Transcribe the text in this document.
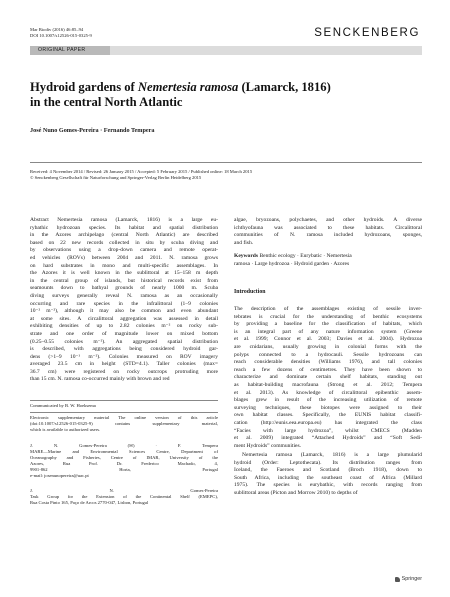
Mar Biodiv (2016) 46:85–94
DOI 10.1007/s12526-015-0325-9	SENCKENBERG
ORIGINAL PAPER
Hydroid gardens of Nemertesia ramosa (Lamarck, 1816)
in the central North Atlantic
José Nuno Gomes-Pereira · Fernando Tempera
Received: 4 November 2014 / Revised: 26 January 2015 / Accepted: 5 February 2015 / Published online: 18 March 2015
© Senckenberg Gesellschaft für Naturforschung and Springer-Verlag Berlin Heidelberg 2015

Abstract Nemertesia ramosa (Lamarck, 1816) is a large eu-

rybathic hydrozoan species. Its habitat and spatial distribution

in the Azores archipelago (central North Atlantic) are described

based on 22 new records collected in situ by scuba diving and

by observations using a drop-down camera and remote operat-

ed vehicles (ROVs) between 2004 and 2011. N. ramosa grows

on hard substrates in mono and multi-specific assemblages. In

the Azores it is well known in the sublittoral at 15–158 m depth

in the central group of islands, but historical records exist from

seamounts down to bathyal grounds of nearly 1000 m. Scuba

diving surveys generally reveal N. ramosa as an occasionally

occurring and rare species in the infralittoral (1–9 colonies

10⁻² m⁻²), although it may also be common and even abundant

at some sites. A circalittoral aggregation was assessed in detail

exhibiting densities of up to 2.82 colonies m⁻² on rocky sub-

strate and one order of magnitude lower on mixed bottom

(0.25–0.55 colonies m⁻²). An aggregated spatial distribution

is described, with aggregations being considered hydroid gar-

dens (>1–9 10⁻¹ m⁻²). Colonies measured on ROV imagery

averaged 23.5 cm in height (STD=4.1). Taller colonies (max=

36.7 cm) were registered on rocky outcrops protruding more

than 15 cm. N. ramosa co-occurred mainly with brown and red

Communicated by B. W. Hoeksema

Electronic supplementary material The online version of this article

(doi:10.1007/s12526-015-0325-9) contains supplementary material,

which is available to authorized users.

J. N. Gomes-Pereira (✉) · F. Tempera

MARE—Marine and Environmental Sciences Centre, Department of

Oceanography and Fisheries, Centre of IMAR, University of the

Azores, Rua Prof. Dr. Frederico Machado, 4,

9901-862 Horta, Portugal

e-mail: josenunopereira@uac.pt

J. N. Gomes-Pereira

Task Group for the Extension of the Continental Shelf (EMEPC),

Rua Costa Pinto 165, Paço de Arcos 2770-047, Lisbon, Portugal

algae, bryozoans, polychaetes, and other hydroids. A diverse

ichthyofauna was associated to these habitats. Circalittoral

communities of N. ramosa included hydrozoans, sponges,

and fish.

Keywords Benthic ecology · Eurybatic · Nemertesia

ramosa · Large hydrozoa · Hydroid garden · Azores

Introduction

The description of the assemblages existing of sessile inver-

tebrates is crucial for the understanding of benthic ecosystems

by providing a baseline for the classification of habitats, which

is an integral part of any nature information system (Greene

et al. 1999; Connor et al. 2003; Davies et al. 2004). Hydrozoa

are cnidarians, usually growing in colonial forms with the

polyps connected to a hydrocauli. Sessile hydrozoans can

reach considerable densities (Williams 1976), and tall colonies

reach a few dozens of centimetres. They have been shown to

characterize and dominate certain shelf habitats, standing out

as habitat-building macrofauna (Strong et al. 2012; Tempera

et al. 2013). As knowledge of circalittoral epibenthic assem-

blages grew in result of the increasing utilization of remote

surveying techniques, these biotopes were assigned to their

own habitat classes. Specifically, the EUNIS habitat classifi-

cation (http://eunis.eea.europa.eu) has integrated the class

“Facies with large hydrozoa”, whilst CMECS (Madden

et al. 2009) integrated “Attached Hydroids” and “Soft Sedi-

ment Hydroids” communities.

Nemertesia ramosa (Lamarck, 1816) is a large plumularid

hydroid (Order: Leptothecata). Its distribution ranges from

Iceland, the Faeroes and Scotland (Broch 1918), down to

South Africa, including the southeast coast of Africa (Millard

1975). The species is eurybathic, with records ranging from

sublittoral areas (Picton and Morrow 2010) to depths of

Springer
